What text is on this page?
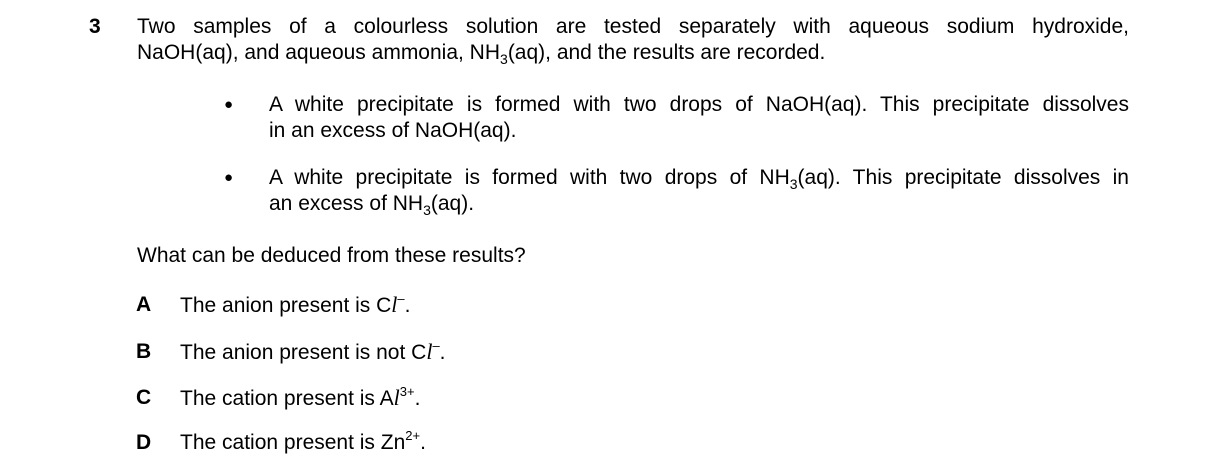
3 Two samples of a colourless solution are tested separately with aqueous sodium hydroxide,
NaOH(aq), and aqueous ammonia, $NH_3(aq)$, and the results are recorded.
● A white precipitate is formed with two drops of NaOH(aq). This precipitate dissolves
in an excess of NaOH(aq).
● A white precipitate is formed with two drops of $NH_3(aq)$. This precipitate dissolves in
an excess of $NH_3(aq)$.
What can be deduced from these results?
A The anion present is Cl–.
B The anion present is not Cl–.
C The cation present is $Al^{3+}$.
D The cation present is $Zn^{2+}$.
